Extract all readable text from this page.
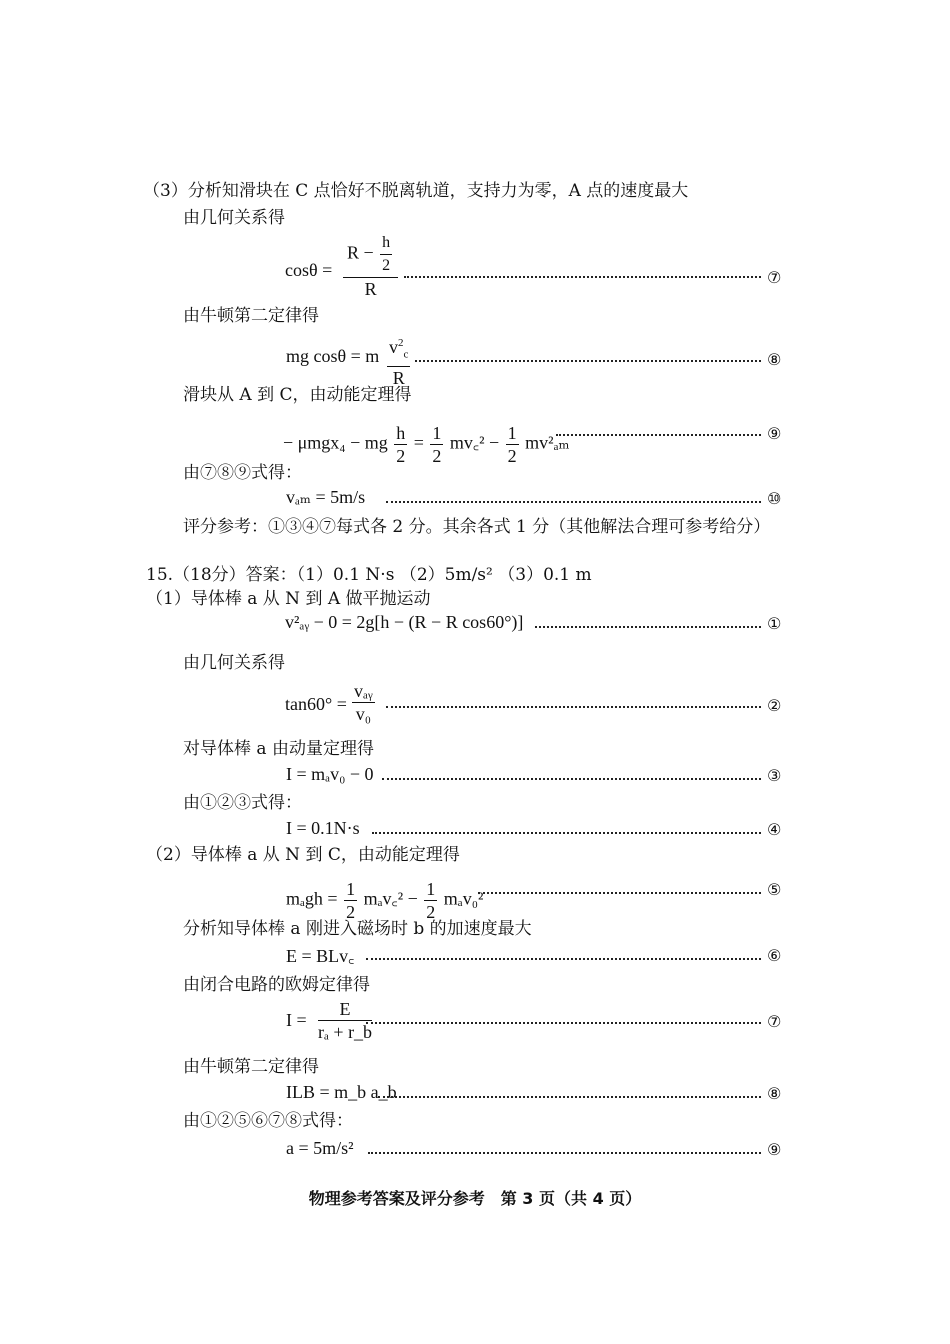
（3）分析知滑块在 C 点恰好不脱离轨道，支持力为零，A 点的速度最大
由几何关系得
$\cos\theta = \frac{R - \frac{h}{2}}{R}$	⑦
由牛顿第二定律得
mg cosθ = m $\frac{v^2_c}{R}$	⑧
滑块从 A 到 C，由动能定理得
− μmgx₄ − mg $\frac{h}{2} = \frac{1}{2}$ mv꜀² − $\frac{1}{2} mv^2_{am}$	⑨
由⑦⑧⑨式得：
vₐₘ = 5m/s	⑩
评分参考：①③④⑦每式各 2 分。其余各式 1 分（其他解法合理可参考给分）
15.（18分）答案：（1）0.1 N·s （2）5m/s² （3）0.1 m
（1）导体棒 a 从 N 到 A 做平抛运动
v²ₐᵧ − 0 = 2g[h − (R − R cos60°)]	①
由几何关系得
$\tan 60^\circ = \frac{\text{vₐᵧ}}{\text{v₀}}$	②
对导体棒 a 由动量定理得
I = mₐv₀ − 0	③
由①②③式得：
I = 0.1N·s	④
（2）导体棒 a 从 N 到 C，由动能定理得
$m_agh = \frac{1}{2}$ mₐv꜀² − $\frac{1}{2} m_av_0^2$	⑤
分析知导体棒 a 刚进入磁场时 b 的加速度最大
E = BLv꜀	⑥
由闭合电路的欧姆定律得
$I = \frac{E}{\text{rₐ + r\_b}}$	⑦
由牛顿第二定律得
ILB = m_b a_b	⑧
由①②⑤⑥⑦⑧式得：
a = 5m/s²	⑨
物理参考答案及评分参考　第 3 页（共 4 页）
